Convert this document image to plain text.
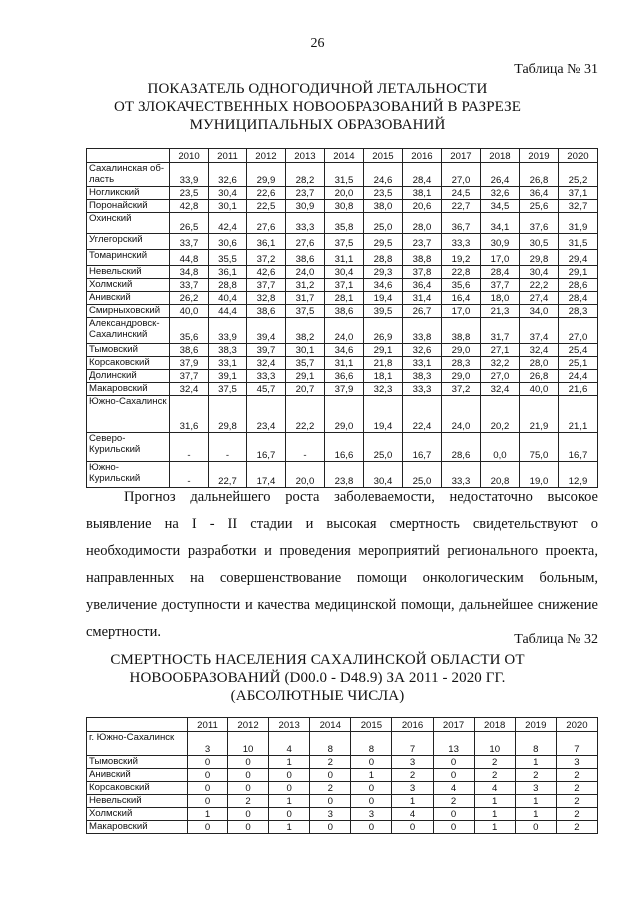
26
Таблица № 31
ПОКАЗАТЕЛЬ ОДНОГОДИЧНОЙ ЛЕТАЛЬНОСТИ
ОТ ЗЛОКАЧЕСТВЕННЫХ НОВООБРАЗОВАНИЙ В РАЗРЕЗЕ
МУНИЦИПАЛЬНЫХ ОБРАЗОВАНИЙ
	2010	2011	2012	2013	2014	2015	2016	2017	2018	2019	2020
Сахалинская об-ласть	33,9	32,6	29,9	28,2	31,5	24,6	28,4	27,0	26,4	26,8	25,2
Ногликский	23,5	30,4	22,6	23,7	20,0	23,5	38,1	24,5	32,6	36,4	37,1
Поронайский	42,8	30,1	22,5	30,9	30,8	38,0	20,6	22,7	34,5	25,6	32,7
Охинский	26,5	42,4	27,6	33,3	35,8	25,0	28,0	36,7	34,1	37,6	31,9
Углегорский	33,7	30,6	36,1	27,6	37,5	29,5	23,7	33,3	30,9	30,5	31,5
Томаринский	44,8	35,5	37,2	38,6	31,1	28,8	38,8	19,2	17,0	29,8	29,4
Невельский	34,8	36,1	42,6	24,0	30,4	29,3	37,8	22,8	28,4	30,4	29,1
Холмский	33,7	28,8	37,7	31,2	37,1	34,6	36,4	35,6	37,7	22,2	28,6
Анивский	26,2	40,4	32,8	31,7	28,1	19,4	31,4	16,4	18,0	27,4	28,4
Смирныховский	40,0	44,4	38,6	37,5	38,6	39,5	26,7	17,0	21,3	34,0	28,3
Александровск-Сахалинский	35,6	33,9	39,4	38,2	24,0	26,9	33,8	38,8	31,7	37,4	27,0
Тымовский	38,6	38,3	39,7	30,1	34,6	29,1	32,6	29,0	27,1	32,4	25,4
Корсаковский	37,9	33,1	32,4	35,7	31,1	21,8	33,1	28,3	32,2	28,0	25,1
Долинский	37,7	39,1	33,3	29,1	36,6	18,1	38,3	29,0	27,0	26,8	24,4
Макаровский	32,4	37,5	45,7	20,7	37,9	32,3	33,3	37,2	32,4	40,0	21,6
Южно-Сахалинск	31,6	29,8	23,4	22,2	29,0	19,4	22,4	24,0	20,2	21,9	21,1
Северо-Курильский	-	-	16,7	-	16,6	25,0	16,7	28,6	0,0	75,0	16,7
Южно-Курильский	-	22,7	17,4	20,0	23,8	30,4	25,0	33,3	20,8	19,0	12,9

Прогноз дальнейшего роста заболеваемости, недостаточно высокое выявление на I - II стадии и высокая смертность свидетельствуют о необходимости разработки и проведения мероприятий регионального проекта, направленных на совершенствование помощи онкологическим больным, увеличение доступности и качества медицинской помощи, дальнейшее снижение смертности.	Таблица № 32
СМЕРТНОСТЬ НАСЕЛЕНИЯ САХАЛИНСКОЙ ОБЛАСТИ ОТ
НОВООБРАЗОВАНИЙ (D00.0 - D48.9) ЗА 2011 - 2020 ГГ.
(АБСОЛЮТНЫЕ ЧИСЛА)
	2011	2012	2013	2014	2015	2016	2017	2018	2019	2020
г. Южно-Сахалинск	3	10	4	8	8	7	13	10	8	7
Тымовский	0	0	1	2	0	3	0	2	1	3
Анивский	0	0	0	0	1	2	0	2	2	2
Корсаковский	0	0	0	2	0	3	4	4	3	2
Невельский	0	2	1	0	0	1	2	1	1	2
Холмский	1	0	0	3	3	4	0	1	1	2
Макаровский	0	0	1	0	0	0	0	1	0	2
